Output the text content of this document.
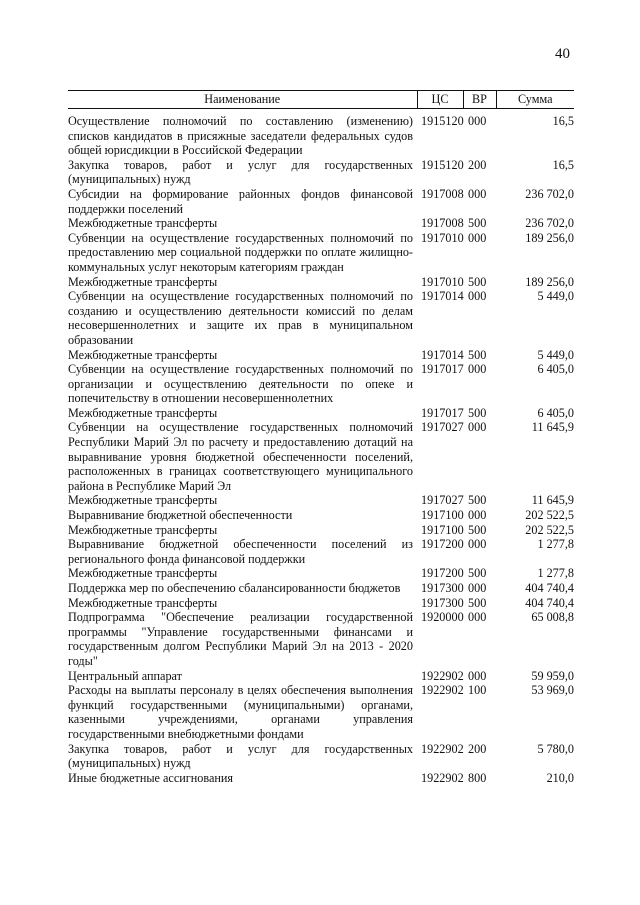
40
Наименование	ЦС	ВР	Сумма
Осуществление полномочий по составлению (изменению) списков кандидатов в присяжные заседатели федеральных судов общей юрисдикции в Российской Федерации	1915120	000	16,5
Закупка товаров, работ и услуг для государственных (муниципальных) нужд	1915120	200	16,5
Субсидии на формирование районных фондов финансовой поддержки поселений	1917008	000	236 702,0
Межбюджетные трансферты	1917008	500	236 702,0
Субвенции на осуществление государственных полномочий по предоставлению мер социальной поддержки по оплате жилищно-коммунальных услуг некоторым категориям граждан	1917010	000	189 256,0
Межбюджетные трансферты	1917010	500	189 256,0
Субвенции на осуществление государственных полномочий по созданию и осуществлению деятельности комиссий по делам несовершеннолетних и защите их прав в муниципальном образовании	1917014	000	5 449,0
Межбюджетные трансферты	1917014	500	5 449,0
Субвенции на осуществление государственных полномочий по организации и осуществлению деятельности по опеке и попечительству в отношении несовершеннолетних	1917017	000	6 405,0
Межбюджетные трансферты	1917017	500	6 405,0
Субвенции на осуществление государственных полномочий Республики Марий Эл по расчету и предоставлению дотаций на выравнивание уровня бюджетной обеспеченности поселений, расположенных в границах соответствующего муниципального района в Республике Марий Эл	1917027	000	11 645,9
Межбюджетные трансферты	1917027	500	11 645,9
Выравнивание бюджетной обеспеченности	1917100	000	202 522,5
Межбюджетные трансферты	1917100	500	202 522,5
Выравнивание бюджетной обеспеченности поселений из регионального фонда финансовой поддержки	1917200	000	1 277,8
Межбюджетные трансферты	1917200	500	1 277,8
Поддержка мер по обеспечению сбалансированности бюджетов	1917300	000	404 740,4
Межбюджетные трансферты	1917300	500	404 740,4
Подпрограмма "Обеспечение реализации государственной программы "Управление государственными финансами и государственным долгом Республики Марий Эл на 2013 - 2020 годы"	1920000	000	65 008,8
Центральный аппарат	1922902	000	59 959,0
Расходы на выплаты персоналу в целях обеспечения выполнения функций государственными (муниципальными) органами, казенными учреждениями, органами управления государственными внебюджетными фондами	1922902	100	53 969,0
Закупка товаров, работ и услуг для государственных (муниципальных) нужд	1922902	200	5 780,0
Иные бюджетные ассигнования	1922902	800	210,0
